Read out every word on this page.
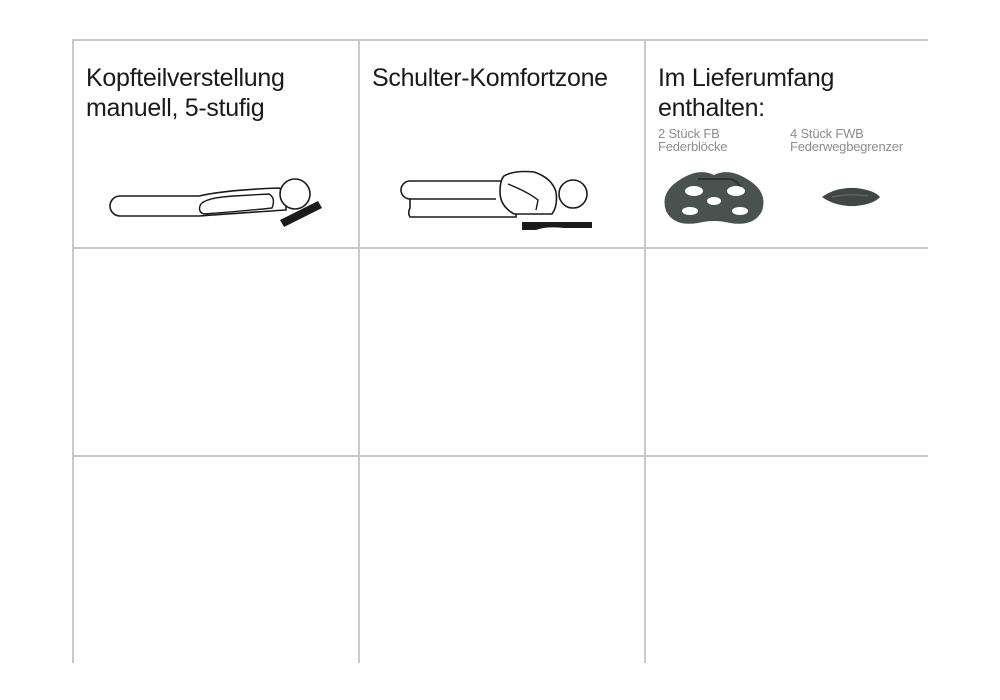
Kopfteilverstellung
manuell, 5-stufig
Schulter-Komfortzone Im Lieferumfang
enthalten:
2 Stück FB
Federblöcke
4 Stück FWB
Federwegbegrenzer
